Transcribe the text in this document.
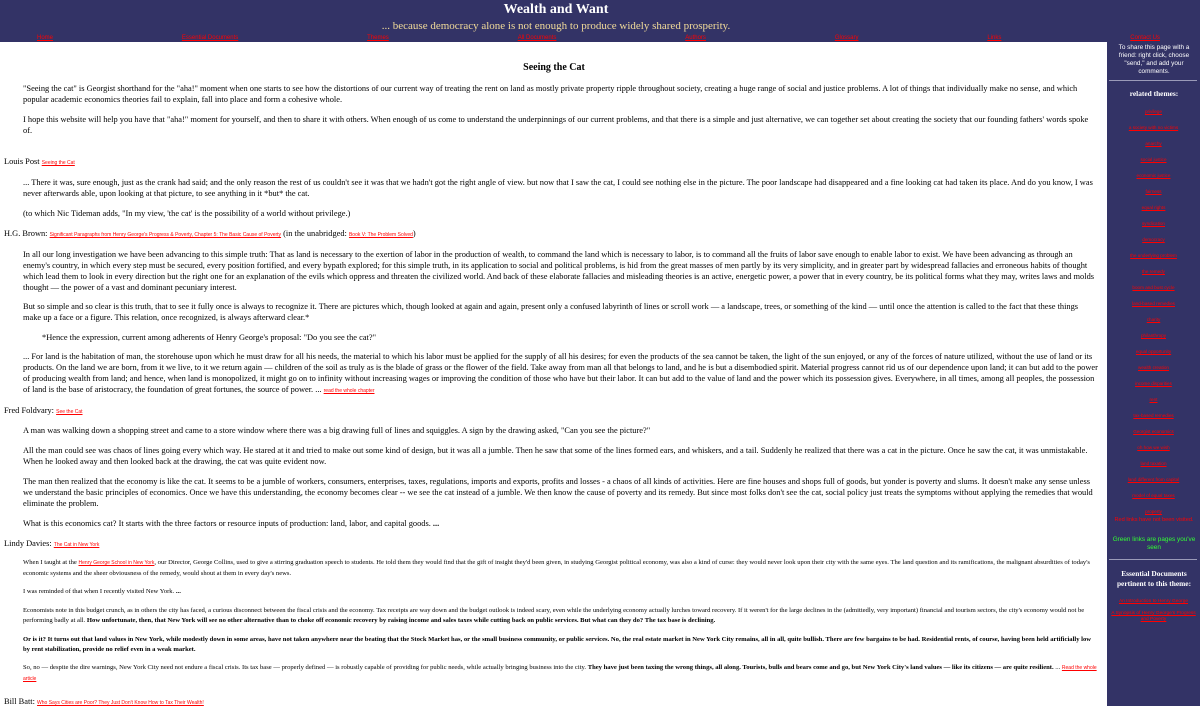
Wealth and Want
... because democracy alone is not enough to produce widely shared prosperity.
Home	Essential Documents	Themes	All Documents	Authors	Glossary	Links	Contact Us
Seeing the Cat

"Seeing the cat" is Georgist shorthand for the "aha!" moment when one starts to see how the distortions of our current way of treating the rent on land as mostly private property ripple throughout society, creating a huge range of social and justice problems. A lot of things that individually make no sense, and which popular academic economics theories fail to explain, fall into place and form a cohesive whole.

I hope this website will help you have that "aha!" moment for yourself, and then to share it with others. When enough of us come to understand the underpinnings of our current problems, and that there is a simple and just alternative, we can together set about creating the society that our founding fathers' words spoke of.

Louis Post Seeing the Cat

... There it was, sure enough, just as the crank had said; and the only reason the rest of us couldn't see it was that we hadn't got the right angle of view. but now that I saw the cat, I could see nothing else in the picture. The poor landscape had disappeared and a fine looking cat had taken its place. And do you know, I was never afterwards able, upon looking at that picture, to see anything in it *but* the cat.

(to which Nic Tideman adds, "In my view, 'the cat' is the possibility of a world without privilege.)

H.G. Brown: Significant Paragraphs from Henry George's Progress & Poverty, Chapter 5: The Basic Cause of Poverty (in the unabridged: Book V: The Problem Solved)

In all our long investigation we have been advancing to this simple truth: That as land is necessary to the exertion of labor in the production of wealth, to command the land which is necessary to labor, is to command all the fruits of labor save enough to enable labor to exist. We have been advancing as through an enemy's country, in which every step must be secured, every position fortified, and every bypath explored; for this simple truth, in its application to social and political problems, is hid from the great masses of men partly by its very simplicity, and in greater part by widespread fallacies and erroneous habits of thought which lead them to look in every direction but the right one for an explanation of the evils which oppress and threaten the civilized world. And back of these elaborate fallacies and misleading theories is an active, energetic power, a power that in every country, be its political forms what they may, writes laws and molds thought — the power of a vast and dominant pecuniary interest.

But so simple and so clear is this truth, that to see it fully once is always to recognize it. There are pictures which, though looked at again and again, present only a confused labyrinth of lines or scroll work — a landscape, trees, or something of the kind — until once the attention is called to the fact that these things make up a face or a figure. This relation, once recognized, is always afterward clear.*

*Hence the expression, current among adherents of Henry George's proposal: "Do you see the cat?"

... For land is the habitation of man, the storehouse upon which he must draw for all his needs, the material to which his labor must be applied for the supply of all his desires; for even the products of the sea cannot be taken, the light of the sun enjoyed, or any of the forces of nature utilized, without the use of land or its products. On the land we are born, from it we live, to it we return again — children of the soil as truly as is the blade of grass or the flower of the field. Take away from man all that belongs to land, and he is but a disembodied spirit. Material progress cannot rid us of our dependence upon land; it can but add to the power of producing wealth from land; and hence, when land is monopolized, it might go on to infinity without increasing wages or improving the condition of those who have but their labor. It can but add to the value of land and the power which its possession gives. Everywhere, in all times, among all peoples, the possession of land is the base of aristocracy, the foundation of great fortunes, the source of power. ... read the whole chapter

Fred Foldvary: See the Cat

A man was walking down a shopping street and came to a store window where there was a big drawing full of lines and squiggles. A sign by the drawing asked, "Can you see the picture?"

All the man could see was chaos of lines going every which way. He stared at it and tried to make out some kind of design, but it was all a jumble. Then he saw that some of the lines formed ears, and whiskers, and a tail. Suddenly he realized that there was a cat in the picture. Once he saw the cat, it was unmistakable. When he looked away and then looked back at the drawing, the cat was quite evident now.

The man then realized that the economy is like the cat. It seems to be a jumble of workers, consumers, enterprises, taxes, regulations, imports and exports, profits and losses - a chaos of all kinds of activities. Here are fine houses and shops full of goods, but yonder is poverty and slums. It doesn't make any sense unless we understand the basic principles of economics. Once we have this understanding, the economy becomes clear -- we see the cat instead of a jumble. We then know the cause of poverty and its remedy. But since most folks don't see the cat, social policy just treats the symptoms without applying the remedies that would eliminate the problem.

What is this economics cat? It starts with the three factors or resource inputs of production: land, labor, and capital goods. ...

Lindy Davies: The Cat in New York

When I taught at the Henry George School in New York, our Director, George Collins, used to give a stirring graduation speech to students. He told them they would find that the gift of insight they'd been given, in studying Georgist political economy, was also a kind of curse: they would never look upon their city with the same eyes. The land question and its ramifications, the malignant absurdities of today's economic systems and the sheer obviousness of the remedy, would shout at them in every day's news.

I was reminded of that when I recently visited New York. ...

Economists note in this budget crunch, as in others the city has faced, a curious disconnect between the fiscal crisis and the economy. Tax receipts are way down and the budget outlook is indeed scary, even while the underlying economy actually lurches toward recovery. If it weren't for the large declines in the (admittedly, very important) financial and tourism sectors, the city's economy would not be performing badly at all. How unfortunate, then, that New York will see no other alternative than to choke off economic recovery by raising income and sales taxes while cutting back on public services. But what can they do? The tax base is declining.

Or is it? It turns out that land values in New York, while modestly down in some areas, have not taken anywhere near the beating that the Stock Market has, or the small business community, or public services. No, the real estate market in New York City remains, all in all, quite bullish. There are few bargains to be had. Residential rents, of course, having been held artificially low by rent stabilization, provide no relief even in a weak market.

So, no — despite the dire warnings, New York City need not endure a fiscal crisis. Its tax base — properly defined — is robustly capable of providing for public needs, while actually bringing business into the city. They have just been taxing the wrong things, all along. Tourists, bulls and bears come and go, but New York City's land values — like its citizens — are quite resilient. ... Read the whole article

Bill Batt: Who Says Cities are Poor? They Just Don't Know How to Tax Their Wealth!
To share this page with a friend: right click, choose "send," and add your comments.
related themes:
privilege
a society with no victims
anarchy
social justice
economic justice
fairness
equal rights
syndication
democracy
the underlying problem
the remedy
boom and bust cycle
land-based remedies
charity
philanthropy
equal opportunity
wealth creation
income disparities
rent
tax-based remedies
Georgist economics
oh how we wish
land taxation
land different from capital
model of equal taxes
property
Red links have not been visited.
Green links are pages you've seen
Essential Documents pertinent to this theme:
An Introduction to Henry George
A Synopsis of Henry George's Progress and Poverty
